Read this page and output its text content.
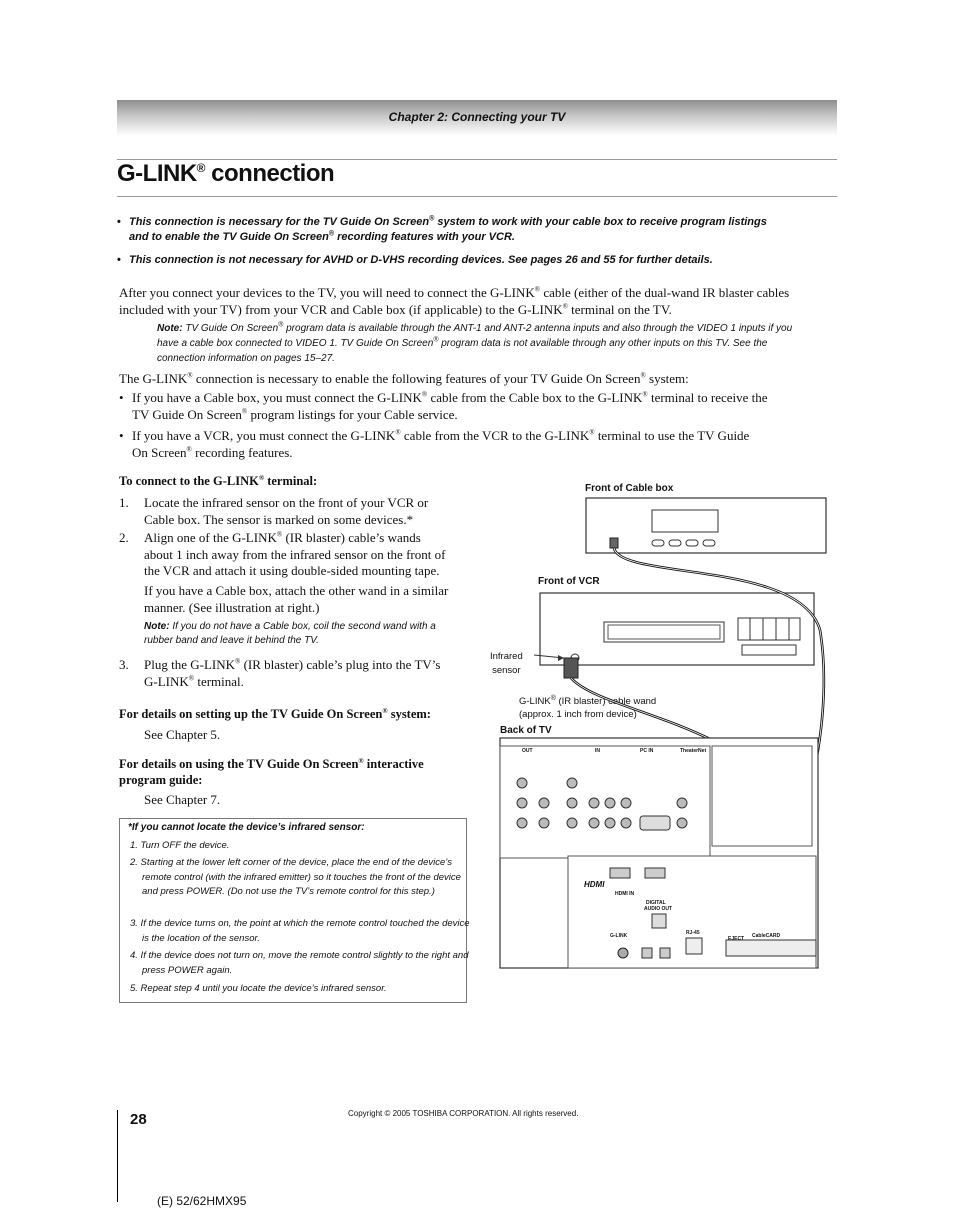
Chapter 2: Connecting your TV
G-LINK® connection
• This connection is necessary for the TV Guide On Screen® system to work with your cable box to receive program listings
and to enable the TV Guide On Screen® recording features with your VCR.
• This connection is not necessary for AVHD or D-VHS recording devices. See pages 26 and 55 for further details.
After you connect your devices to the TV, you will need to connect the G-LINK® cable (either of the dual-wand IR blaster cables
included with your TV) from your VCR and Cable box (if applicable) to the G-LINK® terminal on the TV.
Note: TV Guide On Screen® program data is available through the ANT-1 and ANT-2 antenna inputs and also through the VIDEO 1 inputs if you
have a cable box connected to VIDEO 1. TV Guide On Screen® program data is not available through any other inputs on this TV. See the
connection information on pages 15–27.
The G-LINK® connection is necessary to enable the following features of your TV Guide On Screen® system:
• If you have a Cable box, you must connect the G-LINK® cable from the Cable box to the G-LINK® terminal to receive the
TV Guide On Screen® program listings for your Cable service.
• If you have a VCR, you must connect the G-LINK® cable from the VCR to the G-LINK® terminal to use the TV Guide
On Screen® recording features.
To connect to the G-LINK® terminal:
1.	Locate the infrared sensor on the front of your VCR or Cable box. The sensor is marked on some devices.*
2.	Align one of the G-LINK® (IR blaster) cable’s wands about 1 inch away from the infrared sensor on the front of the VCR and attach it using double-sided mounting tape.
If you have a Cable box, attach the other wand in a similar manner. (See illustration at right.)
Note: If you do not have a Cable box, coil the second wand with a rubber band and leave it behind the TV.
3.	Plug the G-LINK® (IR blaster) cable’s plug into the TV’s G-LINK® terminal.
For details on setting up the TV Guide On Screen® system:
See Chapter 5.
For details on using the TV Guide On Screen® interactive
program guide:
See Chapter 7.
*If you cannot locate the device’s infrared sensor:
1. Turn OFF the device.
2. Starting at the lower left corner of the device, place the end of the device’s remote control (with the infrared emitter) so it touches the front of the device and press POWER. (Do not use the TV’s remote control for this step.)
3. If the device turns on, the point at which the remote control touched the device is the location of the sensor.
4. If the device does not turn on, move the remote control slightly to the right and press POWER again.
5. Repeat step 4 until you locate the device’s infrared sensor.
Front of Cable box
Front of VCR
Infrared
sensor
G-LINK® (IR blaster) cable wand
(approx. 1 inch from device)
Back of TV
OUT	IN	PC IN	TheaterNet
HDMI
HDMI IN
DIGITAL
AUDIO OUT
G-LINK	RJ-45	CableCARD
EJECT
28	Copyright © 2005 TOSHIBA CORPORATION. All rights reserved.
(E) 52/62HMX95
